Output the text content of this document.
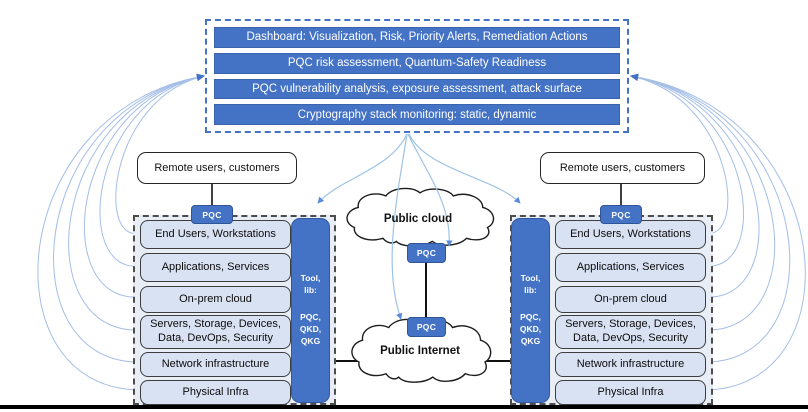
Dashboard: Visualization, Risk, Priority Alerts, Remediation Actions
PQC risk assessment, Quantum-Safety Readiness
PQC vulnerability analysis, exposure assessment, attack surface
Cryptography stack monitoring: static, dynamic
Remote users, customers	Remote users, customers
End Users, Workstations
Applications, Services
On-prem cloud
Servers, Storage, Devices, Data, DevOps, Security
Network infrastructure
Physical Infra
Tool, lib:
PQC, QKD, QKG
End Users, Workstations
Applications, Services
On-prem cloud
Servers, Storage, Devices, Data, DevOps, Security
Network infrastructure
Physical Infra
Tool, lib:
PQC, QKD, QKG
PQC	PQC
PQC
PQC
Public cloud
Public Internet
